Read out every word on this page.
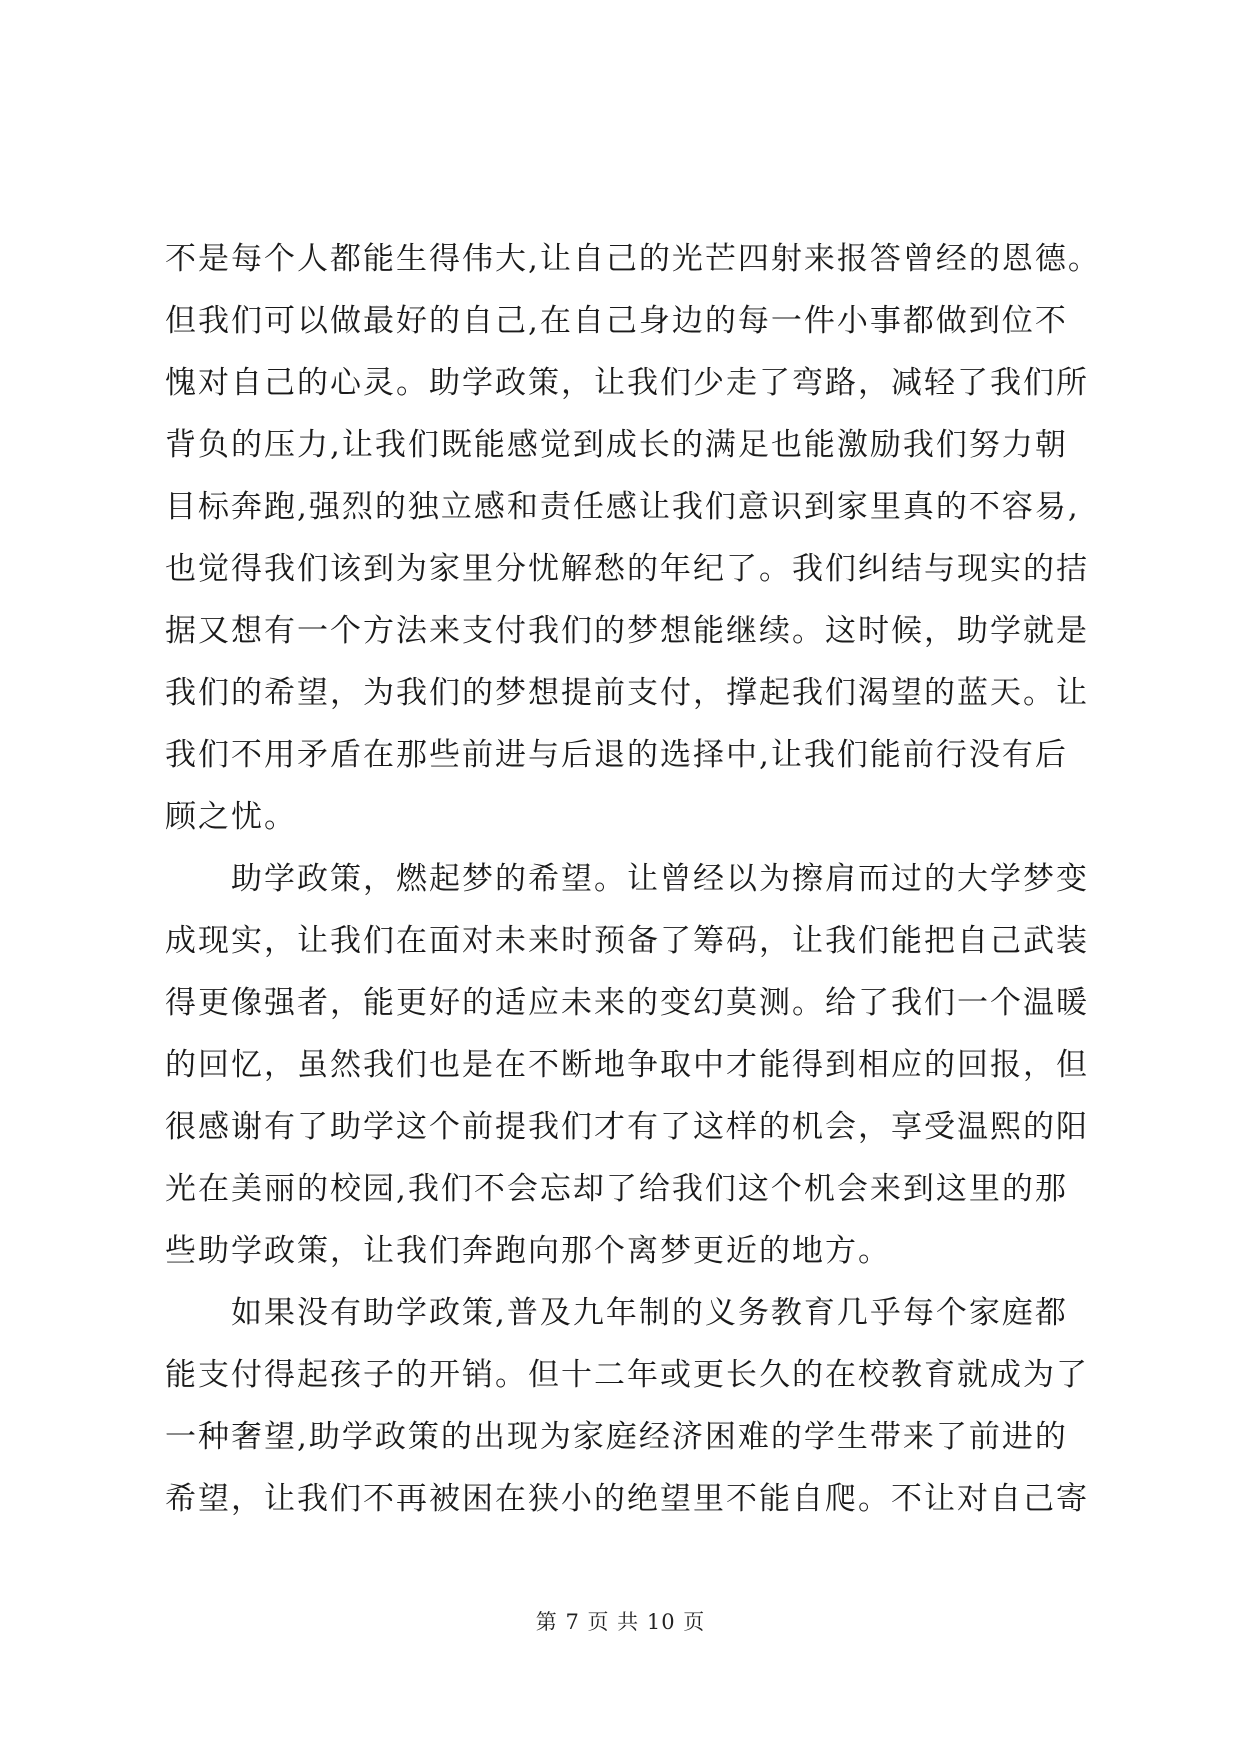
不是每个人都能生得伟大,让自己的光芒四射来报答曾经的恩德。
但我们可以做最好的自己,在自己身边的每一件小事都做到位不
愧对自己的心灵。助学政策，让我们少走了弯路，减轻了我们所
背负的压力,让我们既能感觉到成长的满足也能激励我们努力朝
目标奔跑,强烈的独立感和责任感让我们意识到家里真的不容易,
也觉得我们该到为家里分忧解愁的年纪了。我们纠结与现实的拮
据又想有一个方法来支付我们的梦想能继续。这时候，助学就是
我们的希望，为我们的梦想提前支付，撑起我们渴望的蓝天。让
我们不用矛盾在那些前进与后退的选择中,让我们能前行没有后
顾之忧。
　　助学政策，燃起梦的希望。让曾经以为擦肩而过的大学梦变
成现实，让我们在面对未来时预备了筹码，让我们能把自己武装
得更像强者，能更好的适应未来的变幻莫测。给了我们一个温暖
的回忆，虽然我们也是在不断地争取中才能得到相应的回报，但
很感谢有了助学这个前提我们才有了这样的机会，享受温熙的阳
光在美丽的校园,我们不会忘却了给我们这个机会来到这里的那
些助学政策，让我们奔跑向那个离梦更近的地方。
　　如果没有助学政策,普及九年制的义务教育几乎每个家庭都
能支付得起孩子的开销。但十二年或更长久的在校教育就成为了
一种奢望,助学政策的出现为家庭经济困难的学生带来了前进的
希望，让我们不再被困在狭小的绝望里不能自爬。不让对自己寄
第 7 页 共 10 页
